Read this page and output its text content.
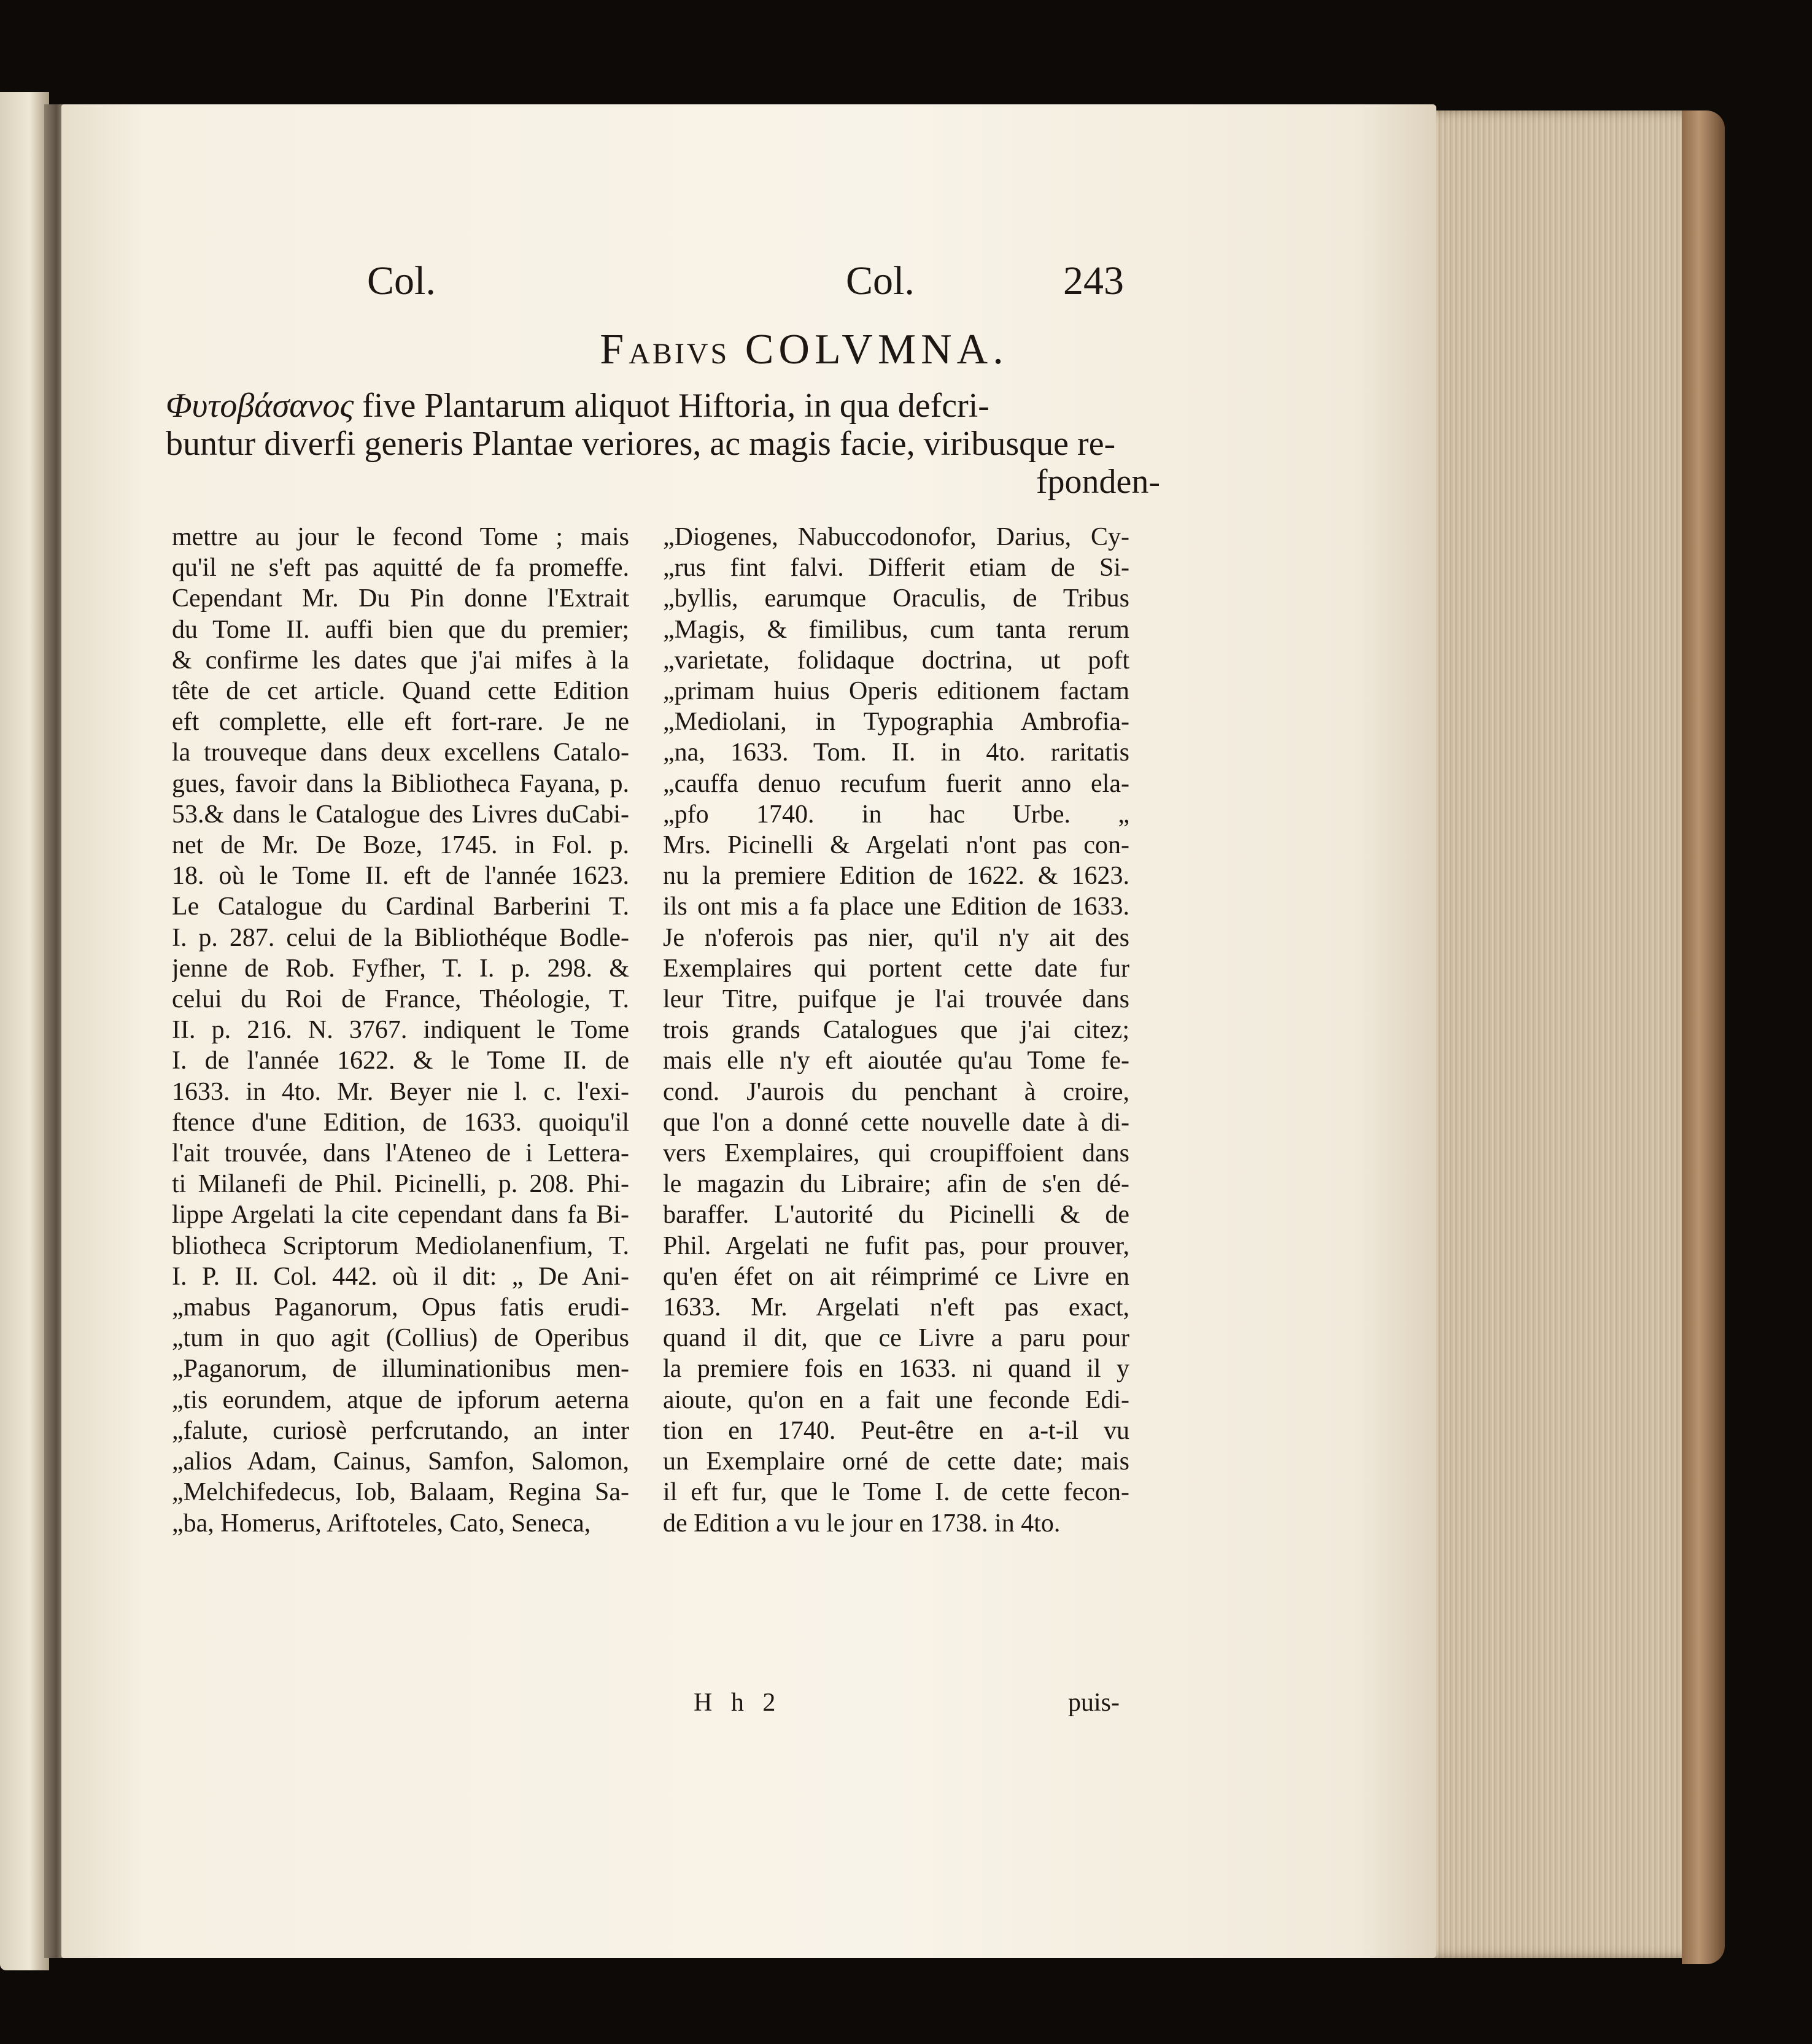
Col.	Col.	243
FABIVS COLVMNA.
Φυτοβάσανος five Plantarum aliquot Hiftoria, in qua defcri-
buntur diverfi generis Plantae veriores, ac magis facie, viribusque re-
fponden-
mettre au jour le fecond Tome ; mais
qu'il ne s'eft pas aquitté de fa promeffe.
Cependant Mr. Du Pin donne l'Extrait
du Tome II. auffi bien que du premier;
& confirme les dates que j'ai mifes à la
tête de cet article. Quand cette Edition
eft complette, elle eft fort-rare. Je ne
la trouveque dans deux excellens Catalo-
gues, favoir dans la Bibliotheca Fayana, p.
53.& dans le Catalogue des Livres duCabi-
net de Mr. De Boze, 1745. in Fol. p.
18. où le Tome II. eft de l'année 1623.
Le Catalogue du Cardinal Barberini T.
I. p. 287. celui de la Bibliothéque Bodle-
jenne de Rob. Fyfher, T. I. p. 298. &
celui du Roi de France, Théologie, T.
II. p. 216. N. 3767. indiquent le Tome
I. de l'année 1622. & le Tome II. de
1633. in 4to. Mr. Beyer nie l. c. l'exi-
ftence d'une Edition, de 1633. quoiqu'il
l'ait trouvée, dans l'Ateneo de i Letterа-
ti Milanefi de Phil. Picinelli, p. 208. Phi-
lippe Argelati la cite cependant dans fa Bi-
bliotheca Scriptorum Mediolanenfium, T.
I. P. II. Col. 442. où il dit: „ De Ani-
„mabus Paganorum, Opus fatis erudi-
„tum in quo agit (Collius) de Operibus
„Paganorum, de illuminationibus men-
„tis eorundem, atque de ipforum aeterna
„falute, curiosè perfcrutando, an inter
„alios Adam, Cainus, Samfon, Salomon,
„Melchifedecus, Iob, Balaam, Regina Sa-
„ba, Homerus, Ariftoteles, Cato, Seneca,
„Diogenes, Nabuccodonofor, Darius, Cy-
„rus fint falvi. Differit etiam de Si-
„byllis, earumque Oraculis, de Tribus
„Magis, & fimilibus, cum tanta rerum
„varietate, folidaque doctrina, ut poft
„primam huius Operis editionem factam
„Mediolani, in Typographia Ambrofia-
„na, 1633. Tom. II. in 4to. raritatis
„cauffa denuo recufum fuerit anno ela-
„pfo 1740. in hac Urbe. „
Mrs. Picinelli & Argelati n'ont pas con-
nu la premiere Edition de 1622. & 1623.
ils ont mis a fa place une Edition de 1633.
Je n'oferois pas nier, qu'il n'y ait des
Exemplaires qui portent cette date fur
leur Titre, puifque je l'ai trouvée dans
trois grands Catalogues que j'ai citez;
mais elle n'y eft aioutée qu'au Tome fe-
cond. J'aurois du penchant à croire,
que l'on a donné cette nouvelle date à di-
vers Exemplaires, qui croupiffoient dans
le magazin du Libraire; afin de s'en dé-
baraffer. L'autorité du Picinelli & de
Phil. Argelati ne fufit pas, pour prouver,
qu'en éfet on ait réimprimé ce Livre en
1633. Mr. Argelati n'eft pas exact,
quand il dit, que ce Livre a paru pour
la premiere fois en 1633. ni quand il y
aioute, qu'on en a fait une feconde Edi-
tion en 1740. Peut-être en a-t-il vu
un Exemplaire orné de cette date; mais
il eft fur, que le Tome I. de cette fecon-
de Edition a vu le jour en 1738. in 4to.
H h 2	puis-
